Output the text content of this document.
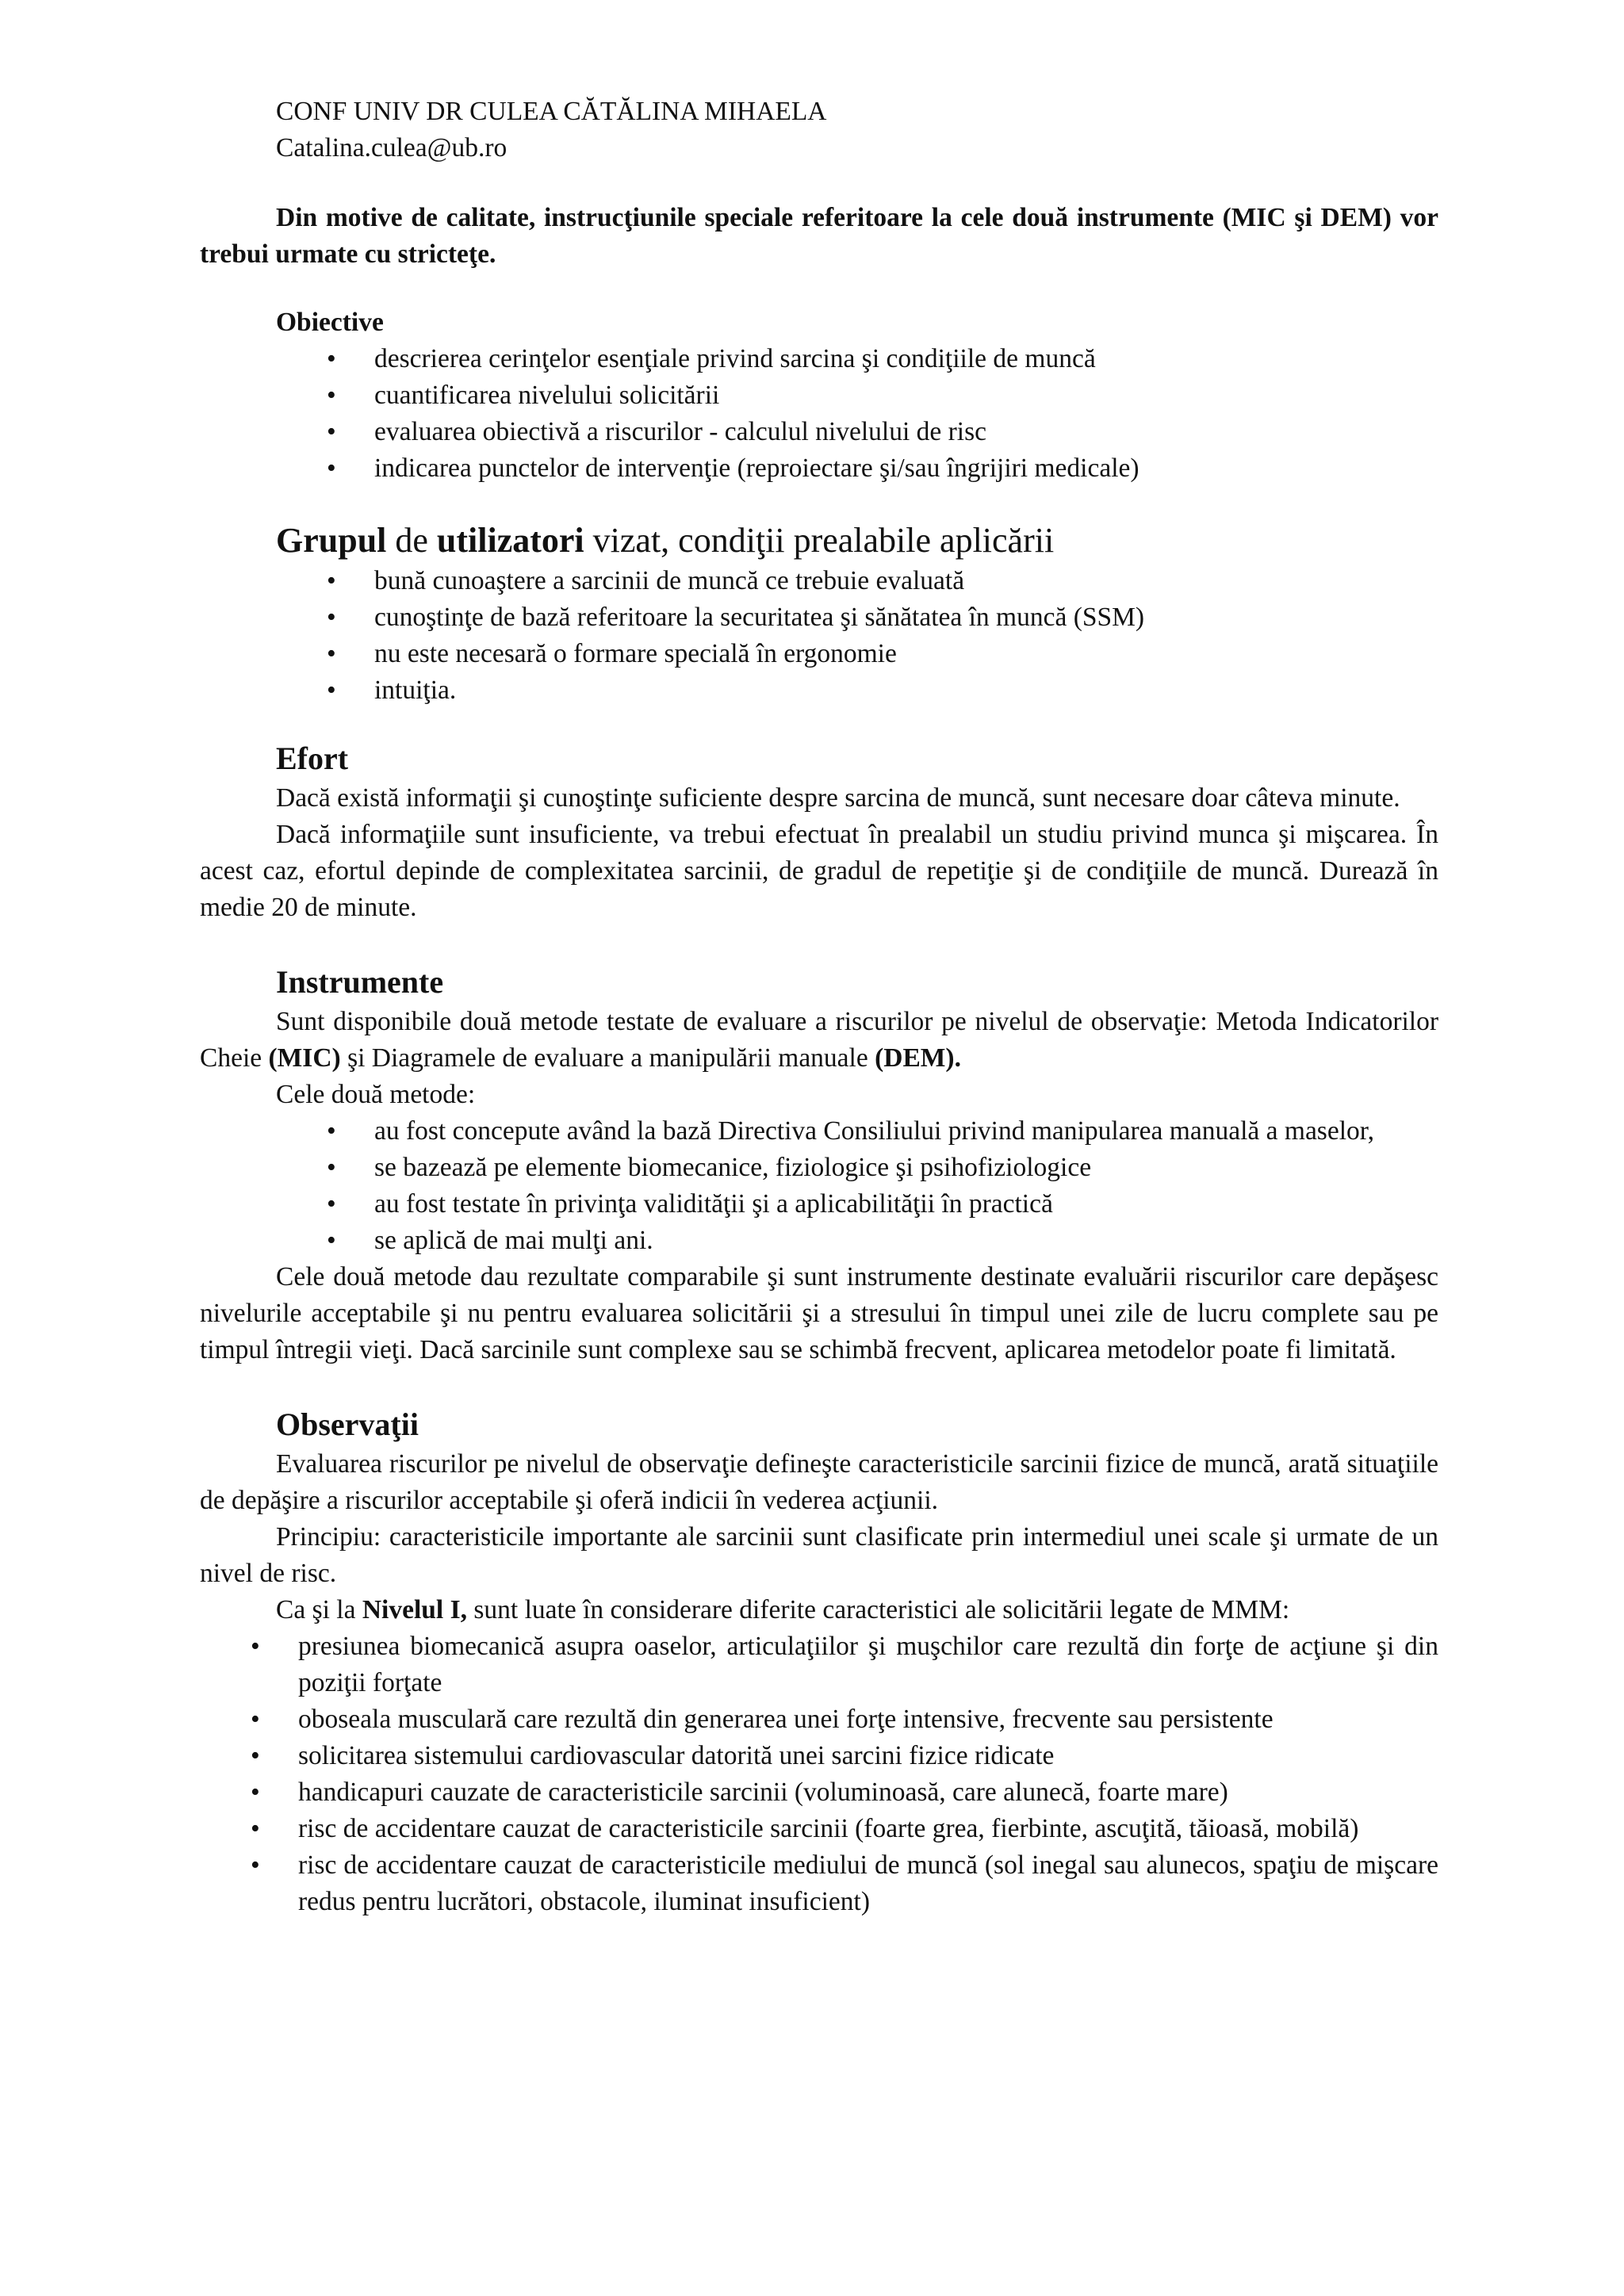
CONF UNIV DR CULEA CĂTĂLINA MIHAELA
Catalina.culea@ub.ro
Din motive de calitate, instrucţiunile speciale referitoare la cele două instrumente (MIC şi DEM) vor trebui urmate cu stricteţe.
Obiective
• descrierea cerinţelor esenţiale privind sarcina şi condiţiile de muncă
• cuantificarea nivelului solicitării
• evaluarea obiectivă a riscurilor - calculul nivelului de risc
• indicarea punctelor de intervenţie (reproiectare şi/sau îngrijiri medicale)
Grupul de utilizatori vizat, condiţii prealabile aplicării
• bună cunoaştere a sarcinii de muncă ce trebuie evaluată
• cunoştinţe de bază referitoare la securitatea şi sănătatea în muncă (SSM)
• nu este necesară o formare specială în ergonomie
• intuiţia.
Efort
Dacă există informaţii şi cunoştinţe suficiente despre sarcina de muncă, sunt necesare doar câteva minute.
Dacă informaţiile sunt insuficiente, va trebui efectuat în prealabil un studiu privind munca şi mişcarea. În acest caz, efortul depinde de complexitatea sarcinii, de gradul de repetiţie şi de condiţiile de muncă. Durează în medie 20 de minute.
Instrumente
Sunt disponibile două metode testate de evaluare a riscurilor pe nivelul de observaţie: Metoda Indicatorilor Cheie (MIC) şi Diagramele de evaluare a manipulării manuale (DEM).
Cele două metode:
• au fost concepute având la bază Directiva Consiliului privind manipularea manuală a maselor,
• se bazează pe elemente biomecanice, fiziologice şi psihofiziologice
• au fost testate în privinţa validităţii şi a aplicabilităţii în practică
• se aplică de mai mulţi ani.
Cele două metode dau rezultate comparabile şi sunt instrumente destinate evaluării riscurilor care depăşesc nivelurile acceptabile şi nu pentru evaluarea solicitării şi a stresului în timpul unei zile de lucru complete sau pe timpul întregii vieţi. Dacă sarcinile sunt complexe sau se schimbă frecvent, aplicarea metodelor poate fi limitată.
Observaţii
Evaluarea riscurilor pe nivelul de observaţie defineşte caracteristicile sarcinii fizice de muncă, arată situaţiile de depăşire a riscurilor acceptabile şi oferă indicii în vederea acţiunii.
Principiu: caracteristicile importante ale sarcinii sunt clasificate prin intermediul unei scale şi urmate de un nivel de risc.
Ca şi la Nivelul I, sunt luate în considerare diferite caracteristici ale solicitării legate de MMM:
• presiunea biomecanică asupra oaselor, articulaţiilor şi muşchilor care rezultă din forţe de acţiune şi din poziţii forţate
• oboseala musculară care rezultă din generarea unei forţe intensive, frecvente sau persistente
• solicitarea sistemului cardiovascular datorită unei sarcini fizice ridicate
• handicapuri cauzate de caracteristicile sarcinii (voluminoasă, care alunecă, foarte mare)
• risc de accidentare cauzat de caracteristicile sarcinii (foarte grea, fierbinte, ascuţită, tăioasă, mobilă)
• risc de accidentare cauzat de caracteristicile mediului de muncă (sol inegal sau alunecos, spaţiu de mişcare redus pentru lucrători, obstacole, iluminat insuficient)
